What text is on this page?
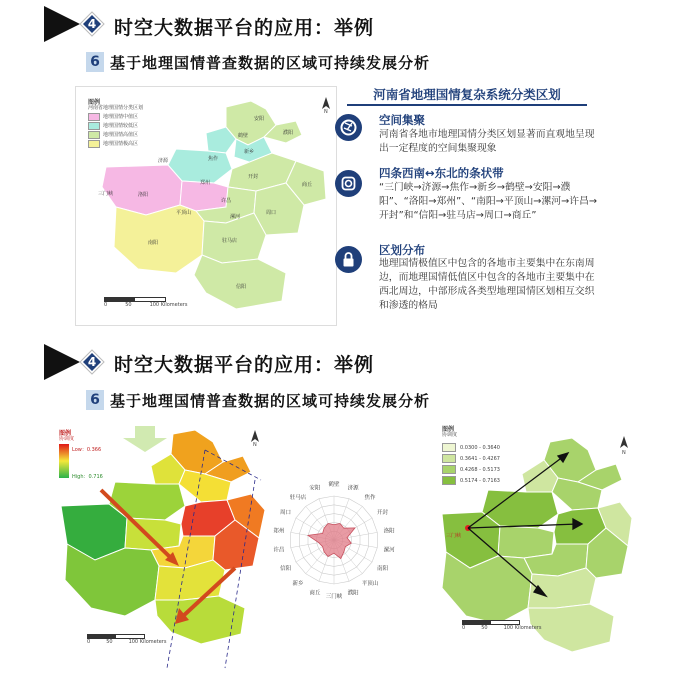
4 时空大数据平台的应用：举例
6 基于地理国情普查数据的区域可持续发展分析
图例
河南省地理国情分类区划
地理国情中值区
地理国情较低区
地理国情高值区
地理国情极高区
安阳
鹤壁	濮阳
新乡
济源	焦作
郑州
开封
三门峡	洛阳
许昌
商丘
平顶山
漯河
周口
南阳	驻马店
信阳
0	50	100 Kilometers
N
河南省地理国情复杂系统分类区划
空间集聚
河南省各地市地理国情分类区划显著而直观地呈现出一定程度的空间集聚现象
四条西南↔东北的条状带
“三门峡→济源→焦作→新乡→鹤壁→安阳→濮阳”、“洛阳→郑州”、“南阳→平顶山→漯河→许昌→开封”和“信阳→驻马店→周口→商丘”
区划分布
地理国情极值区中包含的各地市主要集中在东南周边，而地理国情低值区中包含的各地市主要集中在西北周边，中部形成各类型地理国情区划相互交织和渗透的格局
4 时空大数据平台的应用：举例
6 基于地理国情普查数据的区域可持续发展分析
图例
协调度
Low：0.366
High：0.716
0	50	100 Kilometers
N
鹤壁
济源
焦作
开封
洛阳
漯河
南阳
平顶山
濮阳
三门峡
商丘
新乡
信阳
许昌
郑州
周口
驻马店
安阳
图例
协调度
0.0300 - 0.3640
0.3641 - 0.4267
0.4268 - 0.5173
0.5174 - 0.7163
三门峡
0	50	100 Kilometers
N
